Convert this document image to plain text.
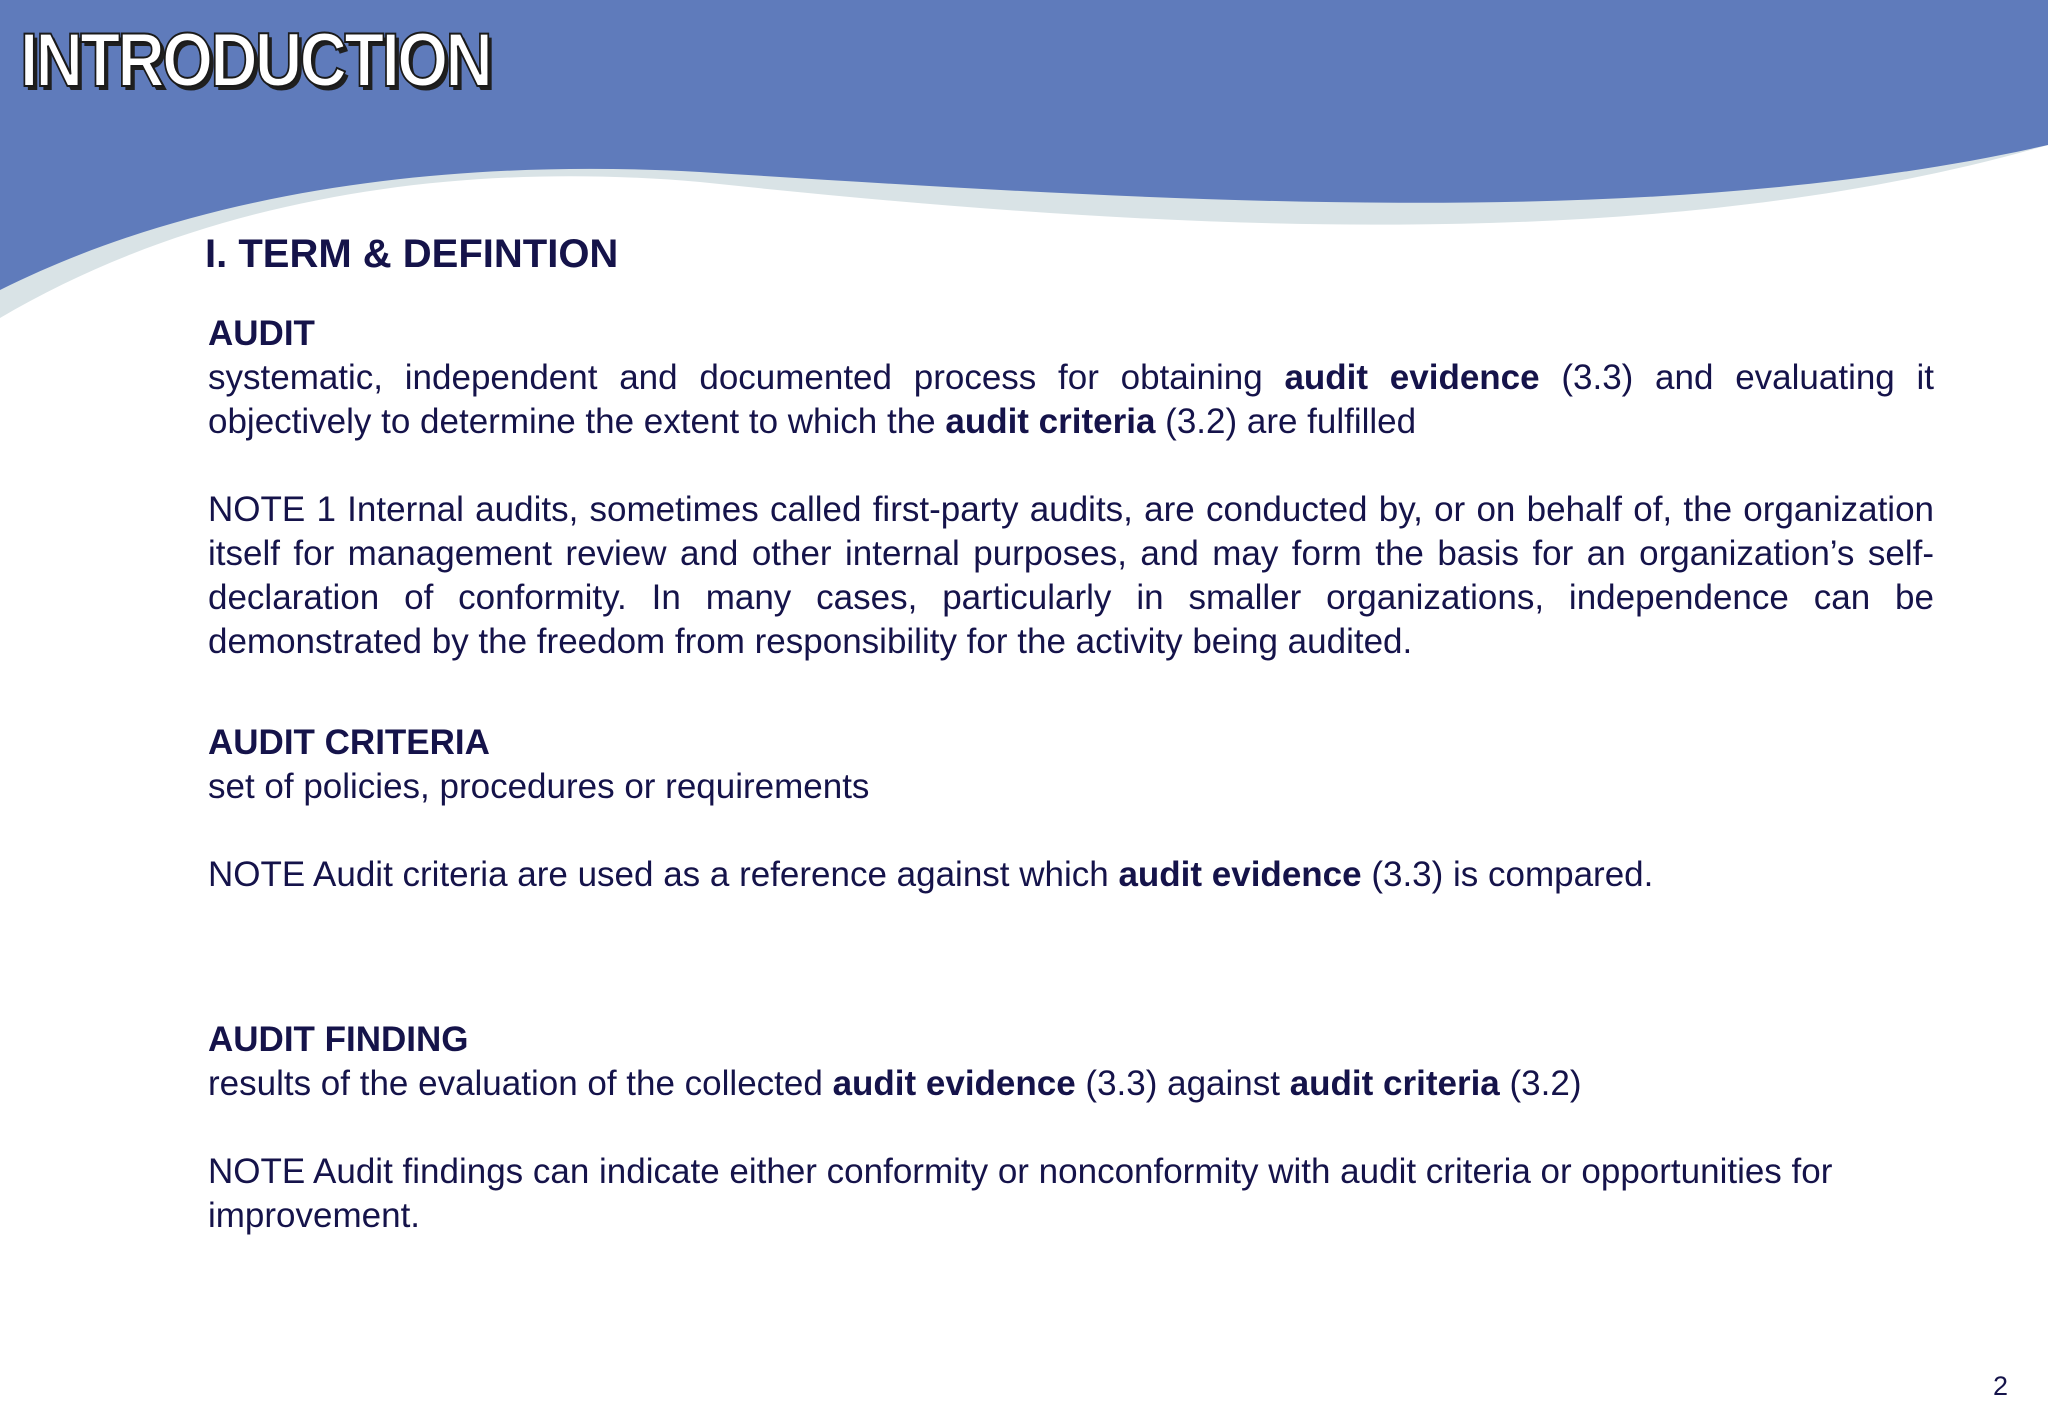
INTRODUCTION
I. TERM & DEFINTION

AUDIT

systematic, independent and documented process for obtaining audit evidence (3.3) and evaluating it objectively to determine the extent to which the audit criteria (3.2) are fulfilled

NOTE 1 Internal audits, sometimes called first-party audits, are conducted by, or on behalf of, the organization itself for management review and other internal purposes, and may form the basis for an organization’s self-declaration of conformity. In many cases, particularly in smaller organizations, independence can be demonstrated by the freedom from responsibility for the activity being audited.

AUDIT CRITERIA

set of policies, procedures or requirements

NOTE Audit criteria are used as a reference against which audit evidence (3.3) is compared.

AUDIT FINDING

results of the evaluation of the collected audit evidence (3.3) against audit criteria (3.2)

NOTE Audit findings can indicate either conformity or nonconformity with audit criteria or opportunities for improvement.

2
